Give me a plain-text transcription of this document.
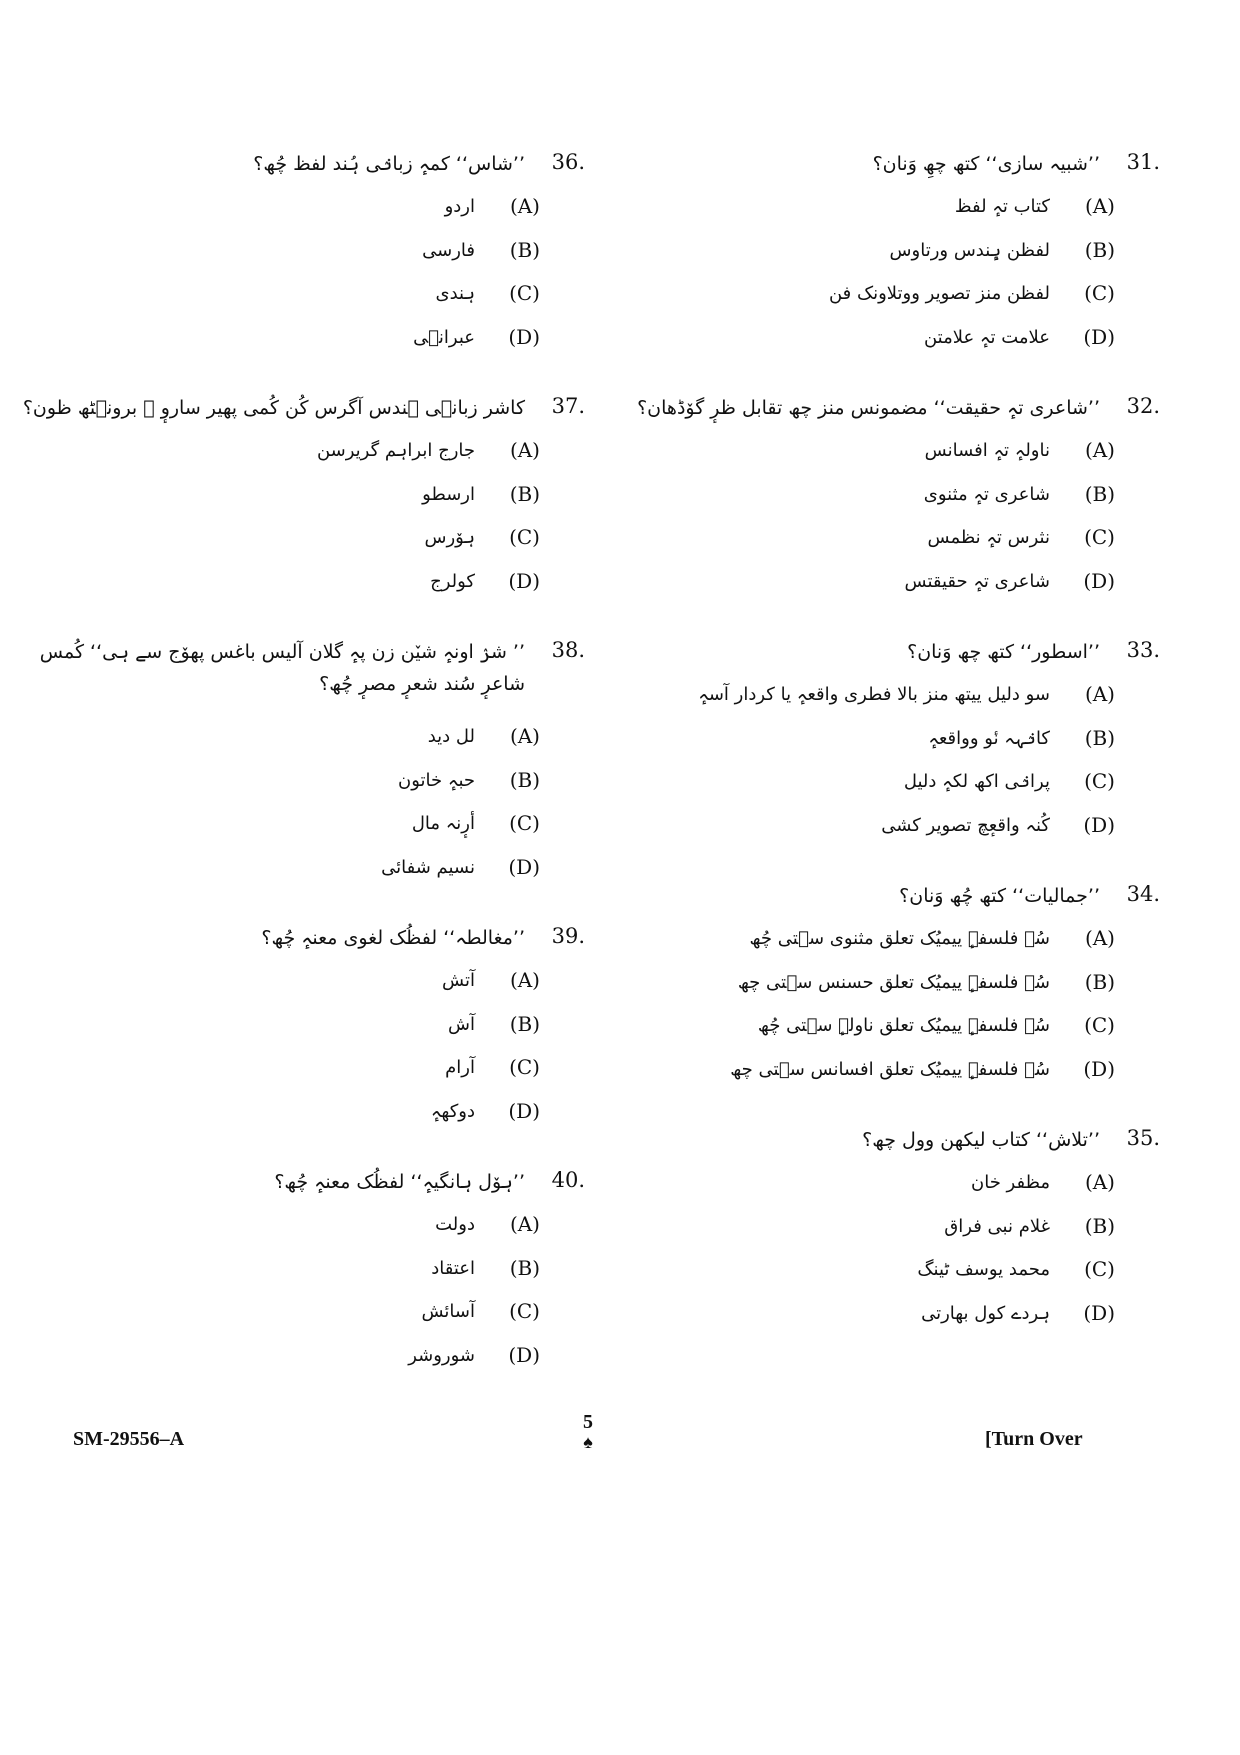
31.
’’شبیہ سازی‘‘ کتھ چھِ وَنان؟
(A)
کتاب تہٕ لفظ
(B)
لفظن ہٕندس ورتاوس
(C)
لفظن منز تصویر ووتلاونک فن
(D)
علامت تہٕ علامتن
32.
’’شاعری تہٕ حقیقت‘‘ مضمونس منز چھ تقابل ظرٕ گوٚڈھان؟
(A)
ناولہٕ تہٕ افسانس
(B)
شاعری تہٕ مثنوی
(C)
نثرس تہٕ نظمس
(D)
شاعری تہٕ حقیقتس
33.
’’اسطور‘‘ کتھ چھ وَنان؟
(A)
سو دلیل ییتھ منز بالا فطری واقعہٕ یا کردار آسہٕ
(B)
کانٛہہ نٔو وواقعہٕ
(C)
پرانٛی اکھ لکہٕ دلیل
(D)
کُنہ واقعٕچ تصویر کشی
34.
’’جمالیات‘‘ کتھ چُھ وَنان؟
(A)
سُہ فلسفہٕ ییمیُک تعلق مثنوی سٟتی چُھ
(B)
سُہ فلسفہٕ ییمیُک تعلق حسنس سٟتی چھ
(C)
سُہ فلسفہٕ ییمیُک تعلق ناولہٕ سٟتی چُھ
(D)
سُہ فلسفہٕ ییمیُک تعلق افسانس سٟتی چھ
35.
’’تلاش‘‘ کتاب لیکھن وول چھ؟
(A)
مظفر خان
(B)
غلام نبی فراق
(C)
محمد یوسف ٹینگ
(D)
ہردے کول بھارتی
36.
’’شاس‘‘ کمہٕ زبانٛی ہُند لفظ چُھ؟
(A)
اردو
(B)
فارسی
(C)
ہندی
(D)
عبرانٛی
37.
کاشر زبانٛی ہندس آگرس کُن کُمی پھیر ساروٕ ے برونٛٹھ ظون؟
(A)
جارج ابراہم گریرسن
(B)
ارسطو
(C)
ہوٚرس
(D)
کولرج
38.
’’ شرٛ اونہٕ شیٚن زن پہٕ گلان آلیس باغس پھوٚج سے ہی‘‘ کُمس شاعرٕ سُند شعرٕ مصرٕ چُھ؟
(A)
لل دید
(B)
حبہٕ خاتون
(C)
أرٕنہ مال
(D)
نسیم شفائی
39.
’’مغالطہ‘‘ لفظُک لغوی معنہٕ چُھ؟
(A)
آتش
(B)
آش
(C)
آرام
(D)
دوکھہٕ
40.
’’ہوٚل ہانگیہٕ‘‘ لفظُک معنہٕ چُھ؟
(A)
دولت
(B)
اعتقاد
(C)
آسائش
(D)
شوروشر
SM-29556–A
5
♠	[Turn Over
